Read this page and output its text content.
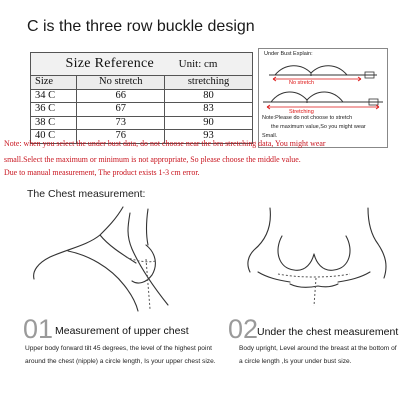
C is the three row buckle design
Size Reference Unit: cm		
Size	No stretch	stretching
34 C	66	80
36 C	67	83
38 C	73	90
40 C	76	93
Under Bust Explain:
No stretch
Stretching
Note:Please do not choose to stretch
the maximum value,So you might wear
Small.
Note: when you select the under bust data, do not choose near the bra stretching data, You might wear
small.Select the maximum or minimum is not appropriate, So please choose the middle value.
Due to manual measurement, The product exists 1-3 cm error.
The Chest measurement:
01 Measurement of upper chest
Upper body forward tilt 45 degrees, the level of the highest point
around the chest (nipple) a circle length, Is your upper chest size.
02
Under the chest measurement
Body upright, Level around the breast at the bottom of
a circle length ,Is your under bust size.
